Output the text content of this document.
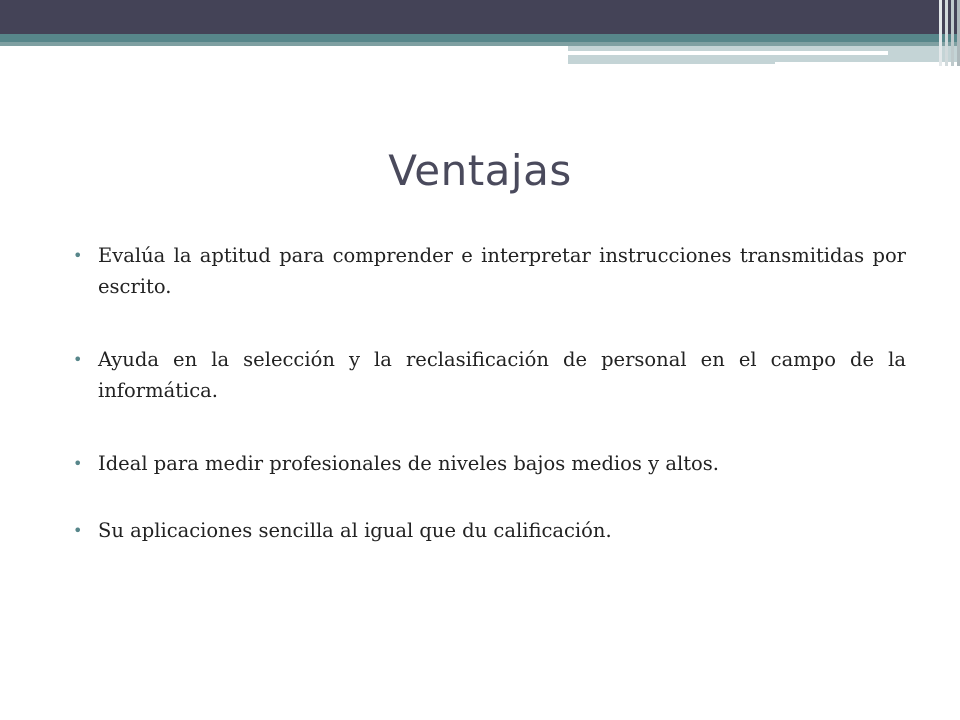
Ventajas
• Evalúa la aptitud para comprender e interpretar instrucciones transmitidas por escrito.
• Ayuda en la selección y la reclasificación de personal en el campo de la informática.
• Ideal para medir profesionales de niveles bajos medios y altos.
• Su aplicaciones sencilla al igual que du calificación.
